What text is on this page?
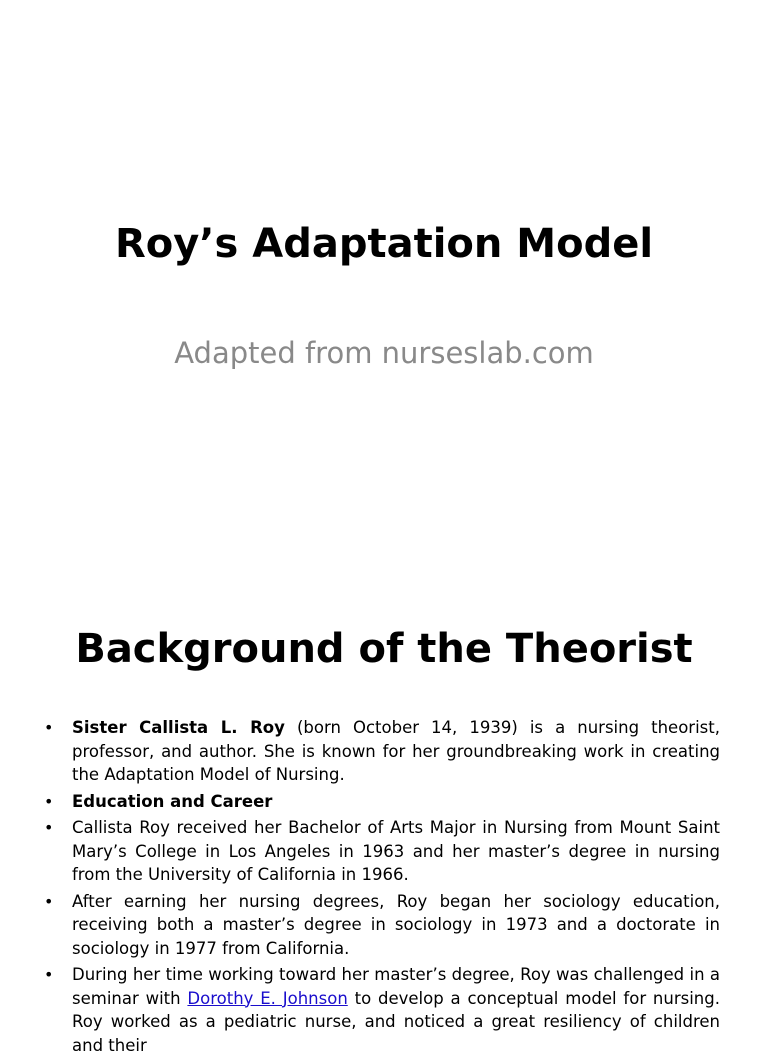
Roy’s Adaptation Model

Adapted from nurseslab.com

Background of the Theorist
• Sister Callista L. Roy (born October 14, 1939) is a nursing theorist, professor, and author. She is known for her groundbreaking work in creating the Adaptation Model of Nursing.
• Education and Career
• Callista Roy received her Bachelor of Arts Major in Nursing from Mount Saint Mary’s College in Los Angeles in 1963 and her master’s degree in nursing from the University of California in 1966.
• After earning her nursing degrees, Roy began her sociology education, receiving both a master’s degree in sociology in 1973 and a doctorate in sociology in 1977 from California.
• During her time working toward her master’s degree, Roy was challenged in a seminar with Dorothy E. Johnson to develop a conceptual model for nursing. Roy worked as a pediatric nurse, and noticed a great resiliency of children and their
